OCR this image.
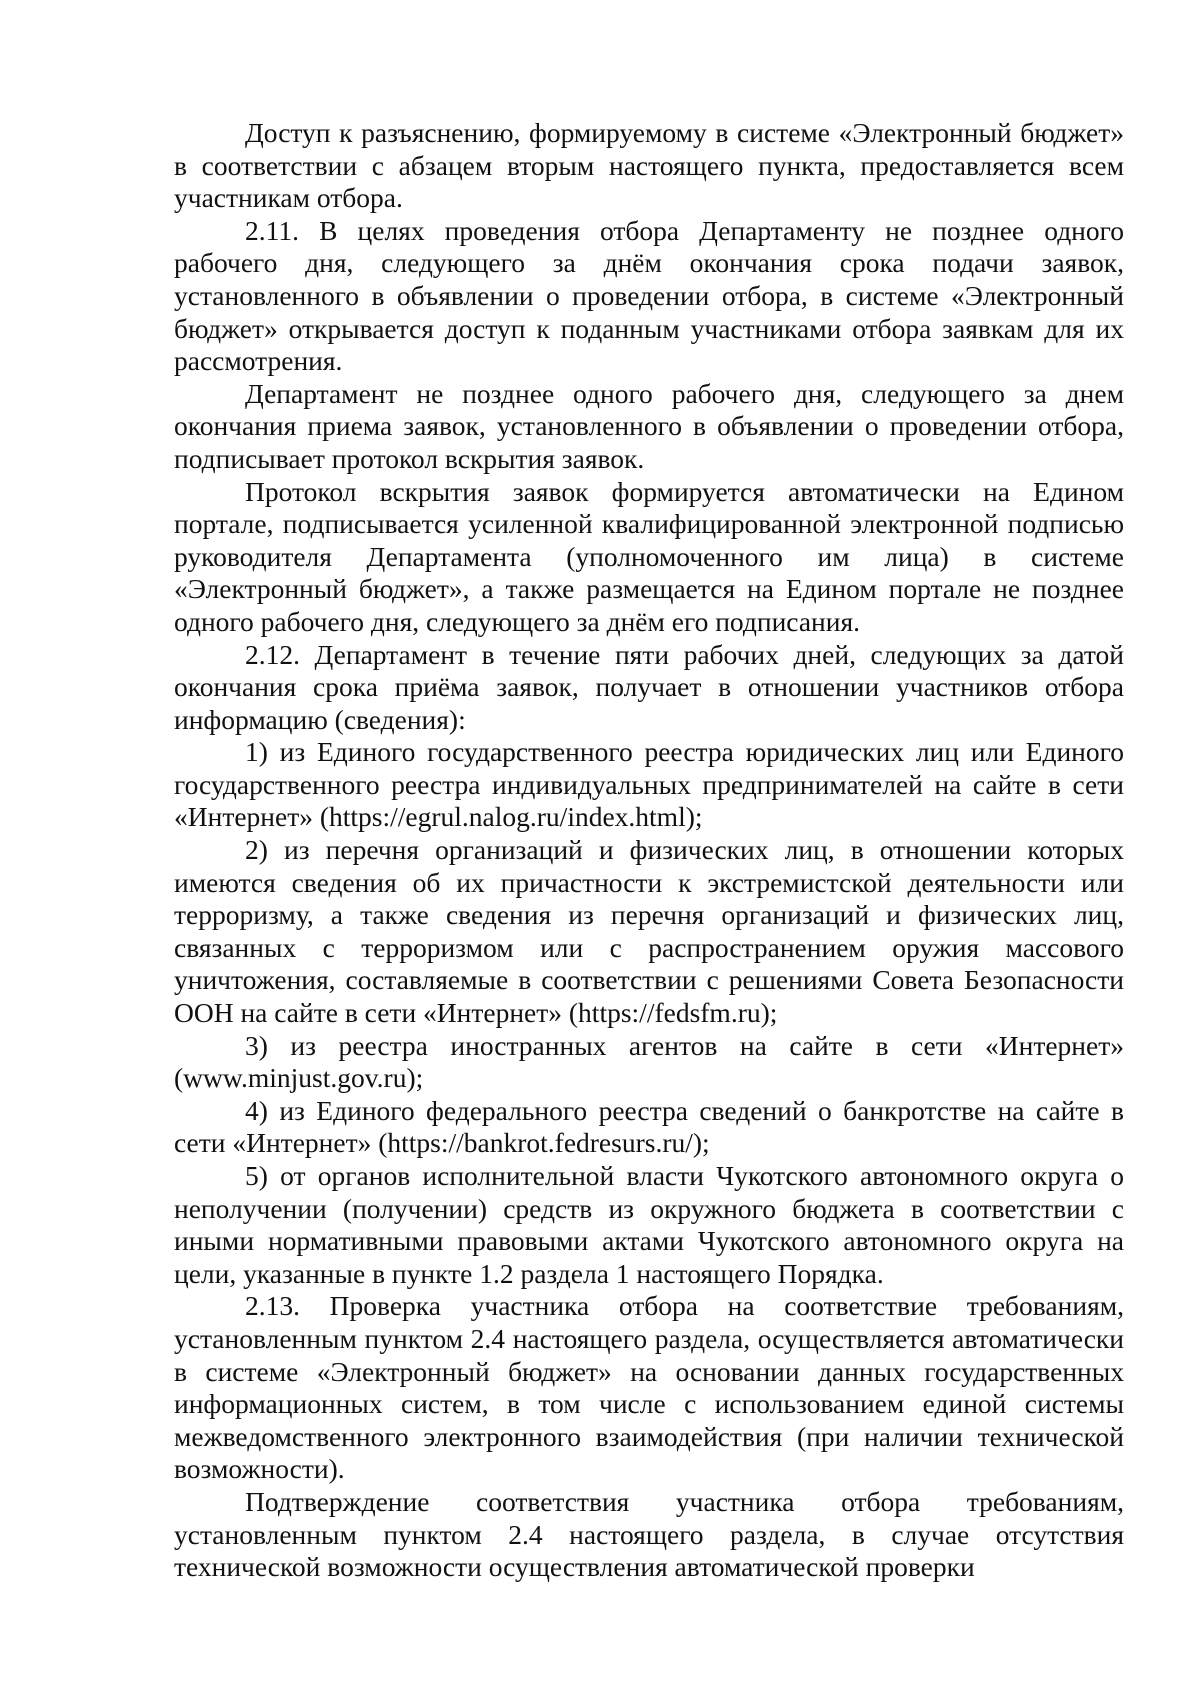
Доступ к разъяснению, формируемому в системе «Электронный бюджет» в соответствии с абзацем вторым настоящего пункта, предоставляется всем участникам отбора.

2.11. В целях проведения отбора Департаменту не позднее одного рабочего дня, следующего за днём окончания срока подачи заявок, установленного в объявлении о проведении отбора, в системе «Электронный бюджет» открывается доступ к поданным участниками отбора заявкам для их рассмотрения.

Департамент не позднее одного рабочего дня, следующего за днем окончания приема заявок, установленного в объявлении о проведении отбора, подписывает протокол вскрытия заявок.

Протокол вскрытия заявок формируется автоматически на Едином портале, подписывается усиленной квалифицированной электронной подписью руководителя Департамента (уполномоченного им лица) в системе «Электронный бюджет», а также размещается на Едином портале не позднее одного рабочего дня, следующего за днём его подписания.

2.12. Департамент в течение пяти рабочих дней, следующих за датой окончания срока приёма заявок, получает в отношении участников отбора информацию (сведения):

1) из Единого государственного реестра юридических лиц или Единого государственного реестра индивидуальных предпринимателей на сайте в сети «Интернет» (https://egrul.nalog.ru/index.html);

2) из перечня организаций и физических лиц, в отношении которых имеются сведения об их причастности к экстремистской деятельности или терроризму, а также сведения из перечня организаций и физических лиц, связанных с терроризмом или с распространением оружия массового уничтожения, составляемые в соответствии с решениями Совета Безопасности ООН на сайте в сети «Интернет» (https://fedsfm.ru);

3) из реестра иностранных агентов на сайте в сети «Интернет» (www.minjust.gov.ru);

4) из Единого федерального реестра сведений о банкротстве на сайте в сети «Интернет» (https://bankrot.fedresurs.ru/);

5) от органов исполнительной власти Чукотского автономного округа о неполучении (получении) средств из окружного бюджета в соответствии с иными нормативными правовыми актами Чукотского автономного округа на цели, указанные в пункте 1.2 раздела 1 настоящего Порядка.

2.13. Проверка участника отбора на соответствие требованиям, установленным пунктом 2.4 настоящего раздела, осуществляется автоматически в системе «Электронный бюджет» на основании данных государственных информационных систем, в том числе с использованием единой системы межведомственного электронного взаимодействия (при наличии технической возможности).

Подтверждение соответствия участника отбора требованиям, установленным пунктом 2.4 настоящего раздела, в случае отсутствия технической возможности осуществления автоматической проверки
